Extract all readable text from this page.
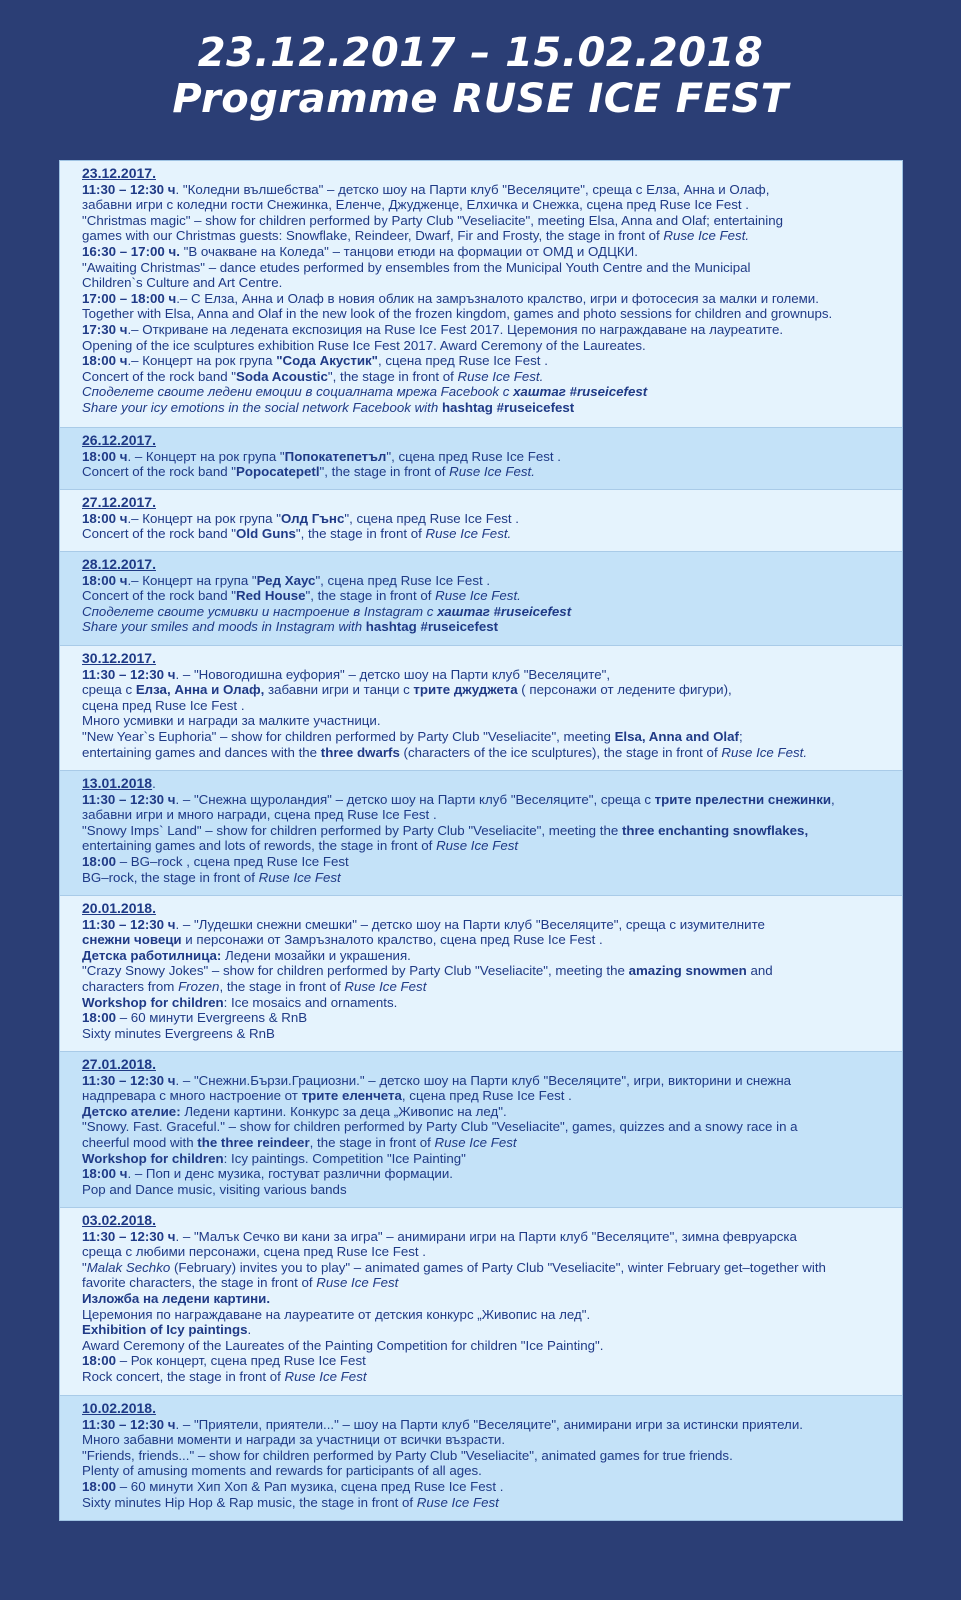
23.12.2017 – 15.02.2018
Programme RUSE ICE FEST
23.12.2017.
11:30 – 12:30 ч. "Коледни вълшебства" – детско шоу на Парти клуб "Веселяците", среща с Елза, Анна и Олаф,
забавни игри с коледни гости Снежинка, Еленче, Джудженце, Елхичка и Снежка, сцена пред Ruse Ice Fest .
"Christmas magic" – show for children performed by Party Club "Veseliacite", meeting Elsa, Anna and Olaf; entertaining
games with our Christmas guests: Snowflake, Reindeer, Dwarf, Fir and Frosty, the stage in front of Ruse Ice Fest.
16:30 – 17:00 ч. "В очакване на Коледа" – танцови етюди на формации от ОМД и ОДЦКИ.
"Awaiting Christmas" – dance etudes performed by ensembles from the Municipal Youth Centre and the Municipal
Children`s Culture and Art Centre.
17:00 – 18:00 ч.– С Елза, Анна и Олаф в новия облик на замръзналото кралство, игри и фотосесия за малки и големи.
Together with Elsa, Anna and Olaf in the new look of the frozen kingdom, games and photo sessions for children and grownups.
17:30 ч.– Откриване на ледената експозиция на Ruse Ice Fest 2017. Церемония по награждаване на лауреатите.
Opening of the ice sculptures exhibition Ruse Ice Fest 2017. Award Ceremony of the Laureates.
18:00 ч.– Концерт на рок група "Сода Акустик", сцена пред Ruse Ice Fest .
Concert of the rock band "Soda Acoustic", the stage in front of Ruse Ice Fest.
Споделете своите ледени емоции в социалната мрежа Facebook с хаштаг #ruseicefest
Share your icy emotions in the social network Facebook with hashtag #ruseicefest
26.12.2017.
18:00 ч. – Концерт на рок група "Попокатепетъл", сцена пред Ruse Ice Fest .
Concert of the rock band "Popocatepetl", the stage in front of Ruse Ice Fest.
27.12.2017.
18:00 ч.– Концерт на рок група "Олд Гънс", сцена пред Ruse Ice Fest .
Concert of the rock band "Old Guns", the stage in front of Ruse Ice Fest.
28.12.2017.
18:00 ч.– Концерт на група "Ред Хаус", сцена пред Ruse Ice Fest .
Concert of the rock band "Red House", the stage in front of Ruse Ice Fest.
Споделете своите усмивки и настроение в Instagram с хаштаг #ruseicefest
Share your smiles and moods in Instagram with hashtag #ruseicefest
30.12.2017.
11:30 – 12:30 ч. – "Новогодишна еуфория" – детско шоу на Парти клуб "Веселяците",
среща с Елза, Анна и Олаф, забавни игри и танци с трите джуджета ( персонажи от ледените фигури),
сцена пред Ruse Ice Fest .
Много усмивки и награди за малките участници.
"New Year`s Euphoria" – show for children performed by Party Club "Veseliacite", meeting Elsa, Anna and Olaf;
entertaining games and dances with the three dwarfs (characters of the ice sculptures), the stage in front of Ruse Ice Fest.
13.01.2018.
11:30 – 12:30 ч. – "Снежна щуроландия" – детско шоу на Парти клуб "Веселяците", среща с трите прелестни снежинки,
забавни игри и много награди, сцена пред Ruse Ice Fest .
"Snowy Imps` Land" – show for children performed by Party Club "Veseliacite", meeting the three enchanting snowflakes,
entertaining games and lots of rewords, the stage in front of Ruse Ice Fest
18:00 – BG–rock , сцена пред Ruse Ice Fest
BG–rock, the stage in front of Ruse Ice Fest
20.01.2018.
11:30 – 12:30 ч. – "Лудешки снежни смешки" – детско шоу на Парти клуб "Веселяците", среща с изумителните
снежни човеци и персонажи от Замръзналото кралство, сцена пред Ruse Ice Fest .
Детска работилница: Ледени мозайки и украшения.
"Crazy Snowy Jokes" – show for children performed by Party Club "Veseliacite", meeting the amazing snowmen and
characters from Frozen, the stage in front of Ruse Ice Fest
Workshop for children: Ice mosaics and ornaments.
18:00 – 60 минути Evergreens & RnB
Sixty minutes Evergreens & RnB
27.01.2018.
11:30 – 12:30 ч. – "Снежни.Бързи.Грациозни." – детско шоу на Парти клуб "Веселяците", игри, викторини и снежна
надпревара с много настроение от трите еленчета, сцена пред Ruse Ice Fest .
Детско ателие: Ледени картини. Конкурс за деца „Живопис на лед".
"Snowy. Fast. Graceful." – show for children performed by Party Club "Veseliacite", games, quizzes and a snowy race in a
cheerful mood with the three reindeer, the stage in front of Ruse Ice Fest
Workshop for children: Icy paintings. Competition "Ice Painting"
18:00 ч. – Поп и денс музика, гостуват различни формации.
Pop and Dance music, visiting various bands
03.02.2018.
11:30 – 12:30 ч. – "Малък Сечко ви кани за игра" – анимирани игри на Парти клуб "Веселяците", зимна февруарска
среща с любими персонажи, сцена пред Ruse Ice Fest .
"Malak Sechko (February) invites you to play" – animated games of Party Club "Veseliacite", winter February get–together with
favorite characters, the stage in front of Ruse Ice Fest
Изложба на ледени картини.
Церемония по награждаване на лауреатите от детския конкурс „Живопис на лед".
Exhibition of Icy paintings.
Award Ceremony of the Laureates of the Painting Competition for children "Ice Painting".
18:00 – Рок концерт, сцена пред Ruse Ice Fest
Rock concert, the stage in front of Ruse Ice Fest
10.02.2018.
11:30 – 12:30 ч. – "Приятели, приятели..." – шоу на Парти клуб "Веселяците", анимирани игри за истински приятели.
Много забавни моменти и награди за участници от всички възрасти.
"Friends, friends..." – show for children performed by Party Club "Veseliacite", animated games for true friends.
Plenty of amusing moments and rewards for participants of all ages.
18:00 – 60 минути Хип Хоп & Рап музика, сцена пред Ruse Ice Fest .
Sixty minutes Hip Hop & Rap music, the stage in front of Ruse Ice Fest
